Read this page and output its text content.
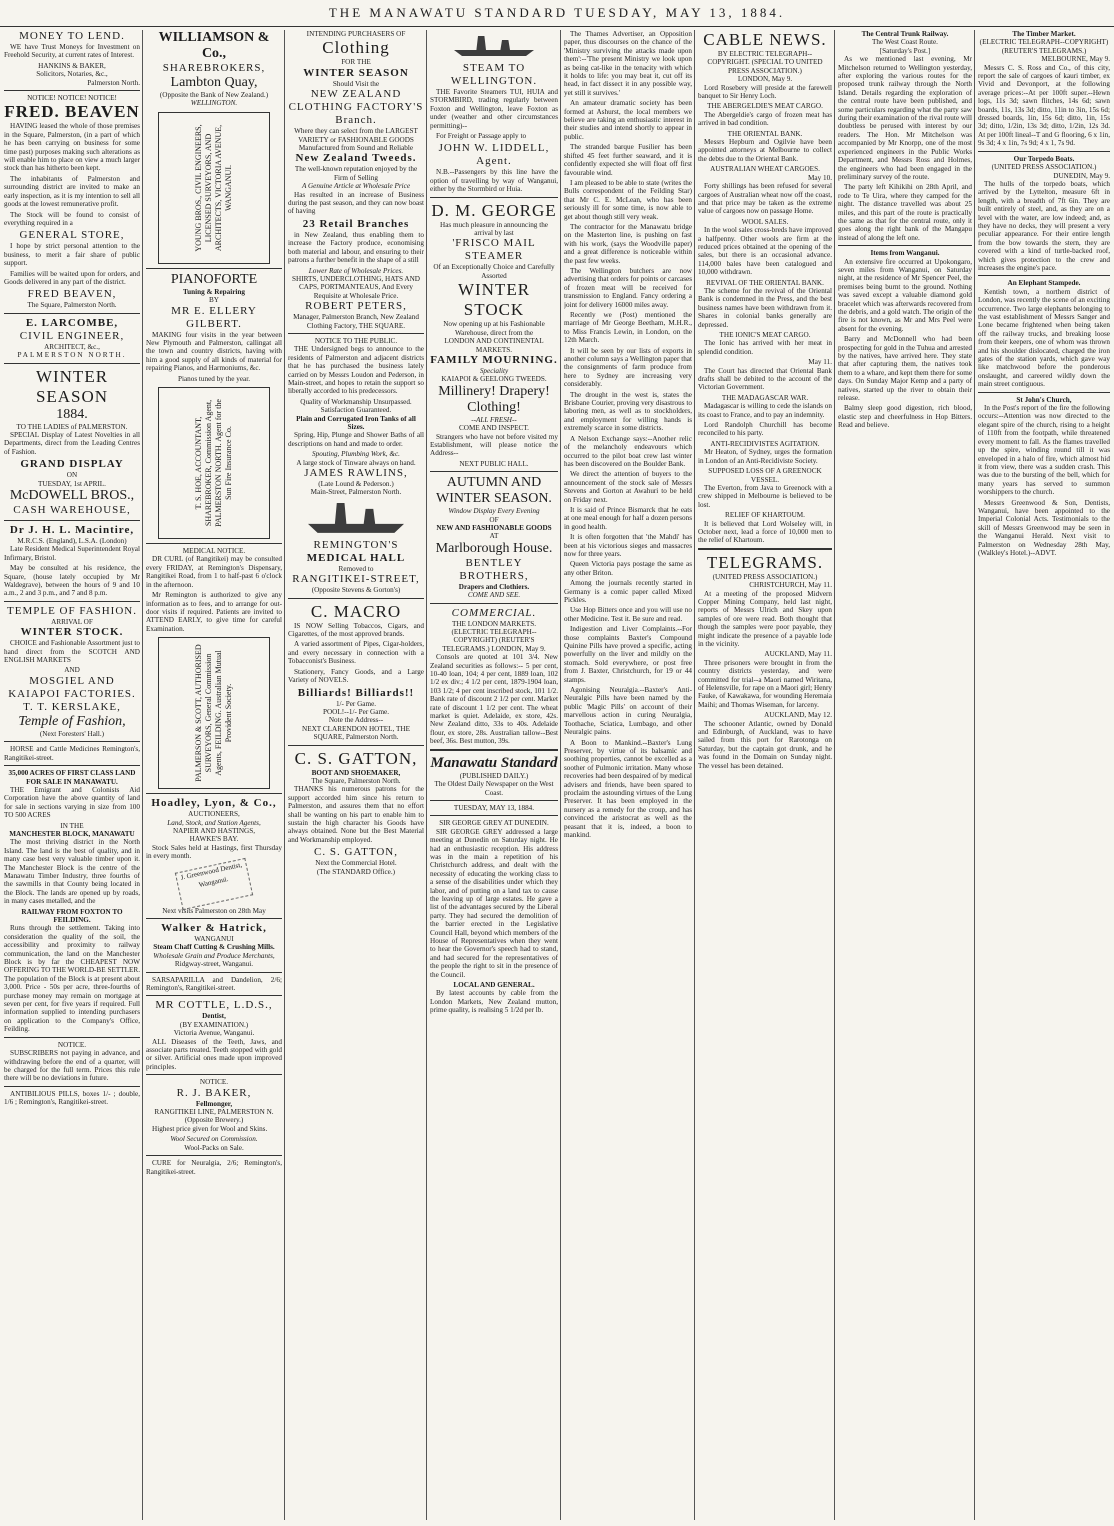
THE MANAWATU STANDARD TUESDAY, MAY 13, 1884.
MONEY TO LEND.
WE have Trust Moneys for Investment on Freehold Security, at current rates of Interest.
HANKINS & BAKER,
Solicitors, Notaries, &c.,
Palmerston North.
NOTICE! NOTICE! NOTICE!
FRED. BEAVEN
HAVING leased the whole of those premises in the Square, Palmerston, (in a part of which he has been carrying on business for some time past) purposes making such alterations as will enable him to place on view a much larger stock than has hitherto been kept.
The inhabitants of Palmerston and surrounding district are invited to make an early inspection, as it is my intention to sell all goods at the lowest remunerative profit.
The Stock will be found to consist of everything required in a
GENERAL STORE,
I hope by strict personal attention to the business, to merit a fair share of public support.
Families will be waited upon for orders, and Goods delivered in any part of the district.
FRED BEAVEN,
The Square, Palmerston North.
E. LARCOMBE,
CIVIL ENGINEER,
ARCHITECT, &c.,
PALMERSTON NORTH.
WINTER SEASON
1884.
TO THE LADIES of PALMERSTON.
SPECIAL Display of Latest Novelties in all Departments, direct from the Leading Centres of Fashion.
GRAND DISPLAY
ON
TUESDAY, 1st APRIL.
McDOWELL BROS.,
CASH WAREHOUSE,
Dr J. H. L. Macintire,
M.R.C.S. (England), L.S.A. (London)
Late Resident Medical Superintendent Royal Infirmary, Bristol.
May be consulted at his residence, the Square, (house lately occupied by Mr Waldegrave), between the hours of 9 and 10 a.m., 2 and 3 p.m., and 7 and 8 p.m.
TEMPLE OF FASHION.
ARRIVAL OF
WINTER STOCK.
CHOICE and Fashionable Assortment just to hand direct from the SCOTCH AND ENGLISH MARKETS
AND
MOSGIEL AND KAIAPOI FACTORIES.
T. T. KERSLAKE,
Temple of Fashion,
(Next Foresters' Hall.)
HORSE and Cattle Medicines Remington's, Rangitikei-street.
35,000 ACRES OF FIRST CLASS LAND FOR SALE IN MANAWATU.
THE Emigrant and Colonists Aid Corporation have the above quantity of land for sale in sections varying in size from 100 TO 500 ACRES
IN THE
MANCHESTER BLOCK, MANAWATU
The most thriving district in the North Island. The land is the best of quality, and in many case best very valuable timber upon it. The Manchester Block is the centre of the Manawatu Timber Industry, three fourths of the sawmills in that County being located in the Block. The lands are opened up by roads, in many cases metalled, and the
RAILWAY FROM FOXTON TO FEILDING.
Runs through the settlement. Taking into consideration the quality of the soil, the accessibility and proximity to railway communication, the land on the Manchester Block is by far the CHEAPEST NOW OFFERING TO THE WORLD-BE SETTLER. The population of the Block is at present about 3,000. Price - 50s per acre, three-fourths of purchase money may remain on mortgage at seven per cent, for five years if required. Full information supplied to intending purchasers on application to the Company's Office, Feilding.
NOTICE.
SUBSCRIBERS not paying in advance, and withdrawing before the end of a quarter, will be charged for the full term. Prices this rule there will be no deviations in future.
ANTIBILIOUS PILLS, boxes 1/- ; double, 1/6 ; Remington's, Rangitikei-street.
WILLIAMSON & Co.,
SHAREBROKERS,
Lambton Quay,
(Opposite the Bank of New Zealand.)
WELLINGTON.
YOUNG BROS., CIVIL ENGINEERS, LICENSED SURVEYORS, AND ARCHITECTS, VICTORIA AVENUE, WANGANUI.
PIANOFORTE
Tuning & Repairing
BY
MR E. ELLERY GILBERT.
MAKING four visits in the year between New Plymouth and Palmerston, callingat all the town and country districts, having with him a good supply of all kinds of material for repairing Pianos, and Harmoniums, &c.
Pianos tuned by the year.
T. S. HOE, ACCOUNTANT, SHAREBROKER, Commission Agent, PALMERSTON NORTH. Agent for the Sun Fire Insurance Co.
MEDICAL NOTICE.
DR CURL (of Rangitikei) may be consulted every FRIDAY, at Remington's Dispensary, Rangitikei Road, from 1 to half-past 6 o'clock in the afternoon.
Mr Remington is authorized to give any information as to fees, and to arrange for out-door visits if required. Patients are invited to ATTEND EARLY, to give time for careful Examination.
PALMERSON & SCOTT, AUTHORISED SURVEYORS, General Commission Agents, FEILDING. Australian Mutual Provident Society.
Hoadley, Lyon, & Co.,
AUCTIONEERS,
Land, Stock, and Station Agents,
NAPIER AND HASTINGS,
HAWKE'S BAY.
Stock Sales held at Hastings, first Thursday in every month.
J. Greenwood Dentist, Wanganui.
Next visits Palmerston on 28th May
Walker & Hatrick,
WANGANUI
Steam Chaff Cutting & Crushing Mills.
Wholesale Grain and Produce Merchants,
Ridgway-street, Wanganui.
SARSAPARILLA and Dandelion, 2/6; Remington's, Rangitikei-street.
MR COTTLE, L.D.S.,
Dentist,
(BY EXAMINATION.)
Victoria Avenue, Wanganui.
ALL Diseases of the Teeth, Jaws, and associate parts treated. Teeth stopped with gold or silver. Artificial ones made upon improved principles.
NOTICE.
R. J. BAKER,
Fellmonger,
RANGITIKEI LINE, PALMERSTON N. (Opposite Brewery.)
Highest price given for Wool and Skins.
Wool Secured on Commission.
Wool-Packs on Sale.
CURE for Neuralgia, 2/6; Remington's, Rangitikei-street.
INTENDING PURCHASERS OF
Clothing
FOR THE
WINTER SEASON
Should Visit the
NEW ZEALAND CLOTHING FACTORY'S Branch.
Where they can select from the LARGEST VARIETY or FASHIONABLE GOODS
Manufactured from Sound and Reliable
New Zealand Tweeds.
The well-known reputation enjoyed by the Firm of Selling
A Genuine Article at Wholesale Price
Has resulted in an increase of Business during the past season, and they can now boast of having
23 Retail Branches
in New Zealand, thus enabling them to increase the Factory produce, economising both material and labour, and ensuring to their patrons a further benefit in the shape of a still
Lower Rate of Wholesale Prices.
SHIRTS, UNDERCLOTHING, HATS AND CAPS, PORTMANTEAUS, And Every Requisite at Wholesale Price.
ROBERT PETERS,
Manager, Palmerston Branch, New Zealand Clothing Factory, THE SQUARE.
NOTICE TO THE PUBLIC.
THE Undersigned begs to announce to the residents of Palmerston and adjacent districts that he has purchased the business lately carried on by Messrs Loudon and Pederson, in Main-street, and hopes to retain the support so liberally accorded to his predecessors.
Quality of Workmanship Unsurpassed.
Satisfaction Guaranteed.
Plain and Corrugated Iron Tanks of all Sizes.
Spring, Hip, Plunge and Shower Baths of all descriptions on hand and made to order.
Spouting, Plumbing Work, &c.
A large stock of Tinware always on hand.
JAMES RAWLINS,
(Late Lound & Pederson.)
Main-Street, Palmerston North.
REMINGTON'S
MEDICAL HALL
Removed to
RANGITIKEI-STREET,
(Opposite Stevens & Gorton's)
C. MACRO
IS NOW Selling Tobaccos, Cigars, and Cigarettes, of the most approved brands.
A varied assortment of Pipes, Cigar-holders, and every necessary in connection with a Tobacconist's Business.
Stationery, Fancy Goods, and a Large Variety of NOVELS.
Billiards! Billiards!!
1/- Per Game.
POOL!--1/- Per Game.
Note the Address--
NEXT CLARENDON HOTEL, THE SQUARE, Palmerston North.
C. S. GATTON,
BOOT AND SHOEMAKER,
The Square, Palmerston North.
THANKS his numerous patrons for the support accorded him since his return to Palmerston, and assures them that no effort shall be wanting on his part to enable him to sustain the high character his Goods have always obtained. None but the Best Material and Workmanship employed.
C. S. GATTON,
Next the Commercial Hotel.
(The STANDARD Office.)
STEAM TO WELLINGTON.
THE Favorite Steamers TUI, HUIA and STORMBIRD, trading regularly between Foxton and Wellington, leave Foxton as under (weather and other circumstances permitting)--
For Freight or Passage apply to
JOHN W. LIDDELL, Agent.
N.B.--Passengers by this line have the option of travelling by way of Wanganui, either by the Stormbird or Huia.
D. M. GEORGE
Has much pleasure in announcing the arrival by last
'FRISCO MAIL STEAMER
Of an Exceptionally Choice and Carefully Assorted
WINTER STOCK
Now opening up at his Fashionable Warehouse, direct from the
LONDON AND CONTINENTAL MARKETS.
FAMILY MOURNING.
Speciality
KAIAPOI & GEELONG TWEEDS.
Millinery! Drapery! Clothing!
--ALL FRESH--
COME AND INSPECT.
Strangers who have not before visited my Establishment, will please notice the Address--
NEXT PUBLIC HALL.
AUTUMN AND WINTER SEASON.
Window Display Every Evening
OF
NEW AND FASHIONABLE GOODS
AT
Marlborough House.
BENTLEY BROTHERS,
Drapers and Clothiers.
COME AND SEE.
COMMERCIAL.
THE LONDON MARKETS.
(ELECTRIC TELEGRAPH--COPYRIGHT) (REUTER'S TELEGRAMS.) LONDON, May 9.
Consols are quoted at 101 3/4. New Zealand securities as follows:-- 5 per cent, 10-40 loan, 104; 4 per cent, 1889 loan, 102 1/2 ex div.; 4 1/2 per cent, 1879-1904 loan, 103 1/2; 4 per cent inscribed stock, 101 1/2. Bank rate of discount 2 1/2 per cent. Market rate of discount 1 1/2 per cent. The wheat market is quiet. Adelaide, ex store, 42s. New Zealand ditto, 33s to 40s. Adelaide flour, ex store, 28s. Australian tallow--Best beef, 36s. Best mutton, 39s.
Manawatu Standard
(PUBLISHED DAILY.)
The Oldest Daily Newspaper on the West Coast.
TUESDAY, MAY 13, 1884.
SIR GEORGE GREY AT DUNEDIN.
SIR GEORGE GREY addressed a large meeting at Dunedin on Saturday night. He had an enthusiastic reception. His address was in the main a repetition of his Christchurch address, and dealt with the necessity of educating the working class to a sense of the disabilities under which they labor, and of putting on a land tax to cause the leaving up of large estates. He gave a list of the advantages secured by the Liberal party. They had secured the demolition of the barrier erected in the Legislative Council Hall, beyond which members of the House of Representatives when they went to hear the Governor's speech had to stand, and had secured for the representatives of the people the right to sit in the presence of the Council.
LOCAL AND GENERAL.
By latest accounts by cable from the London Markets, New Zealand mutton, prime quality, is realising 5 1/2d per lb.
The Thames Advertiser, an Opposition paper, thus discourses on the chance of the 'Ministry surviving the attacks made upon them':--'The present Ministry we look upon as being cat-like in the tenacity with which it holds to life: you may beat it, cut off its head, in fact dissect it in any possible way, yet still it survives.'
An amateur dramatic society has been formed at Ashurst, the local members we believe are taking an enthusiastic interest in their studies and intend shortly to appear in public.
The stranded barque Fusilier has been shifted 45 feet further seaward, and it is confidently expected she will float off first favourable wind.
I am pleased to be able to state (writes the Bulls correspondent of the Feilding Star) that Mr C. E. McLean, who has been seriously ill for some time, is now able to get about though still very weak.
The contractor for the Manawatu bridge on the Masterton line, is pushing on fast with his work, (says the Woodville paper) and a great difference is noticeable within the past few weeks.
The Wellington butchers are now advertising that orders for points or carcases of frozen meat will be received for transmission to England. Fancy ordering a joint for delivery 16000 miles away.
Recently we (Post) mentioned the marriage of Mr George Beetham, M.H.R., to Miss Francis Lewin, in London, on the 12th March.
It will be seen by our lists of exports in another column says a Wellington paper that the consignments of farm produce from here to Sydney are increasing very considerably.
The drought in the west is, states the Brisbane Courier, proving very disastrous to laboring men, as well as to stockholders, and employment for willing hands is extremely scarce in some districts.
A Nelson Exchange says:--Another relic of the melancholy endeavours which occurred to the pilot boat crew last winter has been discovered on the Boulder Bank.
We direct the attention of buyers to the announcement of the stock sale of Messrs Stevens and Gorton at Awahuri to be held on Friday next.
It is said of Prince Bismarck that he eats at one meal enough for half a dozen persons in good health.
It is often forgotten that 'the Mahdi' has been at his victorious sieges and massacres now for three years.
Queen Victoria pays postage the same as any other Briton.
Among the journals recently started in Germany is a comic paper called Mixed Pickles.
Use Hop Bitters once and you will use no other Medicine. Test it. Be sure and read.
Indigestion and Liver Complaints.--For those complaints Baxter's Compound Quinine Pills have proved a specific, acting powerfully on the liver and mildly on the stomach. Sold everywhere, or post free from J. Baxter, Christchurch, for 19 or 44 stamps.
Agonising Neuralgia.--Baxter's Anti-Neuralgic Pills have been named by the public 'Magic Pills' on account of their marvellous action in curing Neuralgia, Toothache, Sciatica, Lumbago, and other Neuralgic pains.
A Boon to Mankind.--Baxter's Lung Preserver, by virtue of its balsamic and soothing properties, cannot be excelled as a soother of Pulmonic irritation. Many whose recoveries had been despaired of by medical advisers and friends, have been spared to proclaim the astounding virtues of the Lung Preserver. It has been employed in the nursery as a remedy for the croup, and has convinced the aristocrat as well as the peasant that it is, indeed, a boon to mankind.
CABLE NEWS.
BY ELECTRIC TELEGRAPH--COPYRIGHT. (SPECIAL TO UNITED PRESS ASSOCIATION.)
LONDON, May 9.
Lord Rosebery will preside at the farewell banquet to Sir Henry Loch.
THE ABERGELDIE'S MEAT CARGO.
The Abergeldie's cargo of frozen meat has arrived in bad condition.
THE ORIENTAL BANK.
Messrs Hepburn and Ogilvie have been appointed attorneys at Melbourne to collect the debts due to the Oriental Bank.
AUSTRALIAN WHEAT CARGOES.
May 10.
Forty shillings has been refused for several cargoes of Australian wheat now off the coast, and that price may be taken as the extreme value of cargoes now on passage Home.
WOOL SALES.
In the wool sales cross-breds have improved a halfpenny. Other wools are firm at the reduced prices obtained at the opening of the sales, but there is an occasional advance. 114,000 bales have been catalogued and 10,000 withdrawn.
REVIVAL OF THE ORIENTAL BANK.
The scheme for the revival of the Oriental Bank is condemned in the Press, and the best business names have been withdrawn from it. Shares in colonial banks generally are depressed.
THE IONIC'S MEAT CARGO.
The Ionic has arrived with her meat in splendid condition.
May 11.
The Court has directed that Oriental Bank drafts shall be debited to the account of the Victorian Government.
THE MADAGASCAR WAR.
Madagascar is willing to cede the islands on its coast to France, and to pay an indemnity.
Lord Randolph Churchill has become reconciled to his party.
ANTI-RECIDIVISTES AGITATION.
Mr Heaton, of Sydney, urges the formation in London of an Anti-Recidiviste Society.
SUPPOSED LOSS OF A GREENOCK VESSEL.
The Everton, from Java to Greenock with a crew shipped in Melbourne is believed to be lost.
RELIEF OF KHARTOUM.
It is believed that Lord Wolseley will, in October next, lead a force of 10,000 men to the relief of Khartoum.
TELEGRAMS.
(UNITED PRESS ASSOCIATION.)
CHRISTCHURCH, May 11.
At a meeting of the proposed Midvern Copper Mining Company, held last night, reports of Messrs Ulrich and Skey upon samples of ore were read. Both thought that though the samples were poor payable, they might indicate the presence of a payable lode in the vicinity.
AUCKLAND, May 11.
Three prisoners were brought in from the country districts yesterday, and were committed for trial--a Maori named Wiritana, of Helensville, for rape on a Maori girl; Henry Fauke, of Kawakawa, for wounding Heremaia Maihi; and Thomas Wiseman, for larceny.
AUCKLAND, May 12.
The schooner Atlantic, owned by Donald and Edinburgh, of Auckland, was to have sailed from this port for Rarotonga on Saturday, but the captain got drunk, and he was found in the Domain on Sunday night. The vessel has been detained.
The Central Trunk Railway.
The West Coast Route.
[Saturday's Post.]
As we mentioned last evening, Mr Mitchelson returned to Wellington yesterday, after exploring the various routes for the proposed trunk railway through the North Island. Details regarding the exploration of the central route have been published, and some particulars regarding what the party saw during their examination of the rival route will doubtless be perused with interest by our readers. The Hon. Mr Mitchelson was accompanied by Mr Knorpp, one of the most experienced engineers in the Public Works Department, and Messrs Ross and Holmes, the engineers who had been engaged in the preliminary survey of the route.
The party left Kihikihi on 28th April, and rode to Te Uira, where they camped for the night. The distance travelled was about 25 miles, and this part of the route is practically the same as that for the central route, only it goes along the right bank of the Mangapu instead of along the left one.
Items from Wanganui.
An extensive fire occurred at Upokongaro, seven miles from Wanganui, on Saturday night, at the residence of Mr Spencer Peel, the premises being burnt to the ground. Nothing was saved except a valuable diamond gold bracelet which was afterwards recovered from the debris, and a gold watch. The origin of the fire is not known, as Mr and Mrs Peel were absent for the evening.
Barry and McDonnell who had been prospecting for gold in the Tuhua and arrested by the natives, have arrived here. They state that after capturing them, the natives took them to a whare, and kept them there for some days. On Sunday Major Kemp and a party of natives, started up the river to obtain their release.
Balmy sleep good digestion, rich blood, elastic step and cheerfulness in Hop Bitters. Read and believe.
The Timber Market.
(ELECTRIC TELEGRAPH--COPYRIGHT) (REUTER'S TELEGRAMS.)
MELBOURNE, May 9.
Messrs C. S. Ross and Co., of this city, report the sale of cargoes of kauri timber, ex Vivid and Devonport, at the following average prices:--At per 100ft super.--Hewn logs, 11s 3d; sawn flitches, 14s 6d; sawn boards, 11s, 13s 3d; ditto, 11in to 3in, 15s 6d; dressed boards, 1in, 15s 6d; ditto, 1in, 15s 3d; ditto, 1/2in, 13s 3d; ditto, 1/2in, 12s 3d. At per 100ft lineal--T and G flooring, 6 x 1in, 9s 3d; 4 x 1in, 7s 9d; 4 x 1, 7s 9d.
Our Torpedo Boats.
(UNITED PRESS ASSOCIATION.)
DUNEDIN, May 9.
The hulls of the torpedo boats, which arrived by the Lyttelton, measure 6ft in length, with a breadth of 7ft 6in. They are built entirely of steel, and, as they are on a level with the water, are low indeed; and, as they have no decks, they will present a very peculiar appearance. For their entire length from the bow towards the stern, they are covered with a kind of turtle-backed roof, which gives protection to the crew and increases the engine's pace.
An Elephant Stampede.
Kentish town, a northern district of London, was recently the scene of an exciting occurrence. Two large elephants belonging to the vast establishment of Messrs Sanger and Lone became frightened when being taken off the railway trucks, and breaking loose from their keepers, one of whom was thrown and his shoulder dislocated, charged the iron gates of the station yards, which gave way like matchwood before the ponderous onslaught, and careered wildly down the main street contiguous.
St John's Church,
In the Post's report of the fire the following occurs:--Attention was now directed to the elegant spire of the church, rising to a height of 110ft from the footpath, while threatened every moment to fall. As the flames travelled up the spire, winding round till it was enveloped in a halo of fire, which almost hid it from view, there was a sudden crash. This was due to the bursting of the bell, which for many years has served to summon worshippers to the church.
Messrs Greenwood & Son, Dentists, Wanganui, have been appointed to the Imperial Colonial Acts. Testimonials to the skill of Messrs Greenwood may be seen in the Wanganui Herald. Next visit to Palmerston on Wednesday 28th May, (Walkley's Hotel.)--ADVT.
